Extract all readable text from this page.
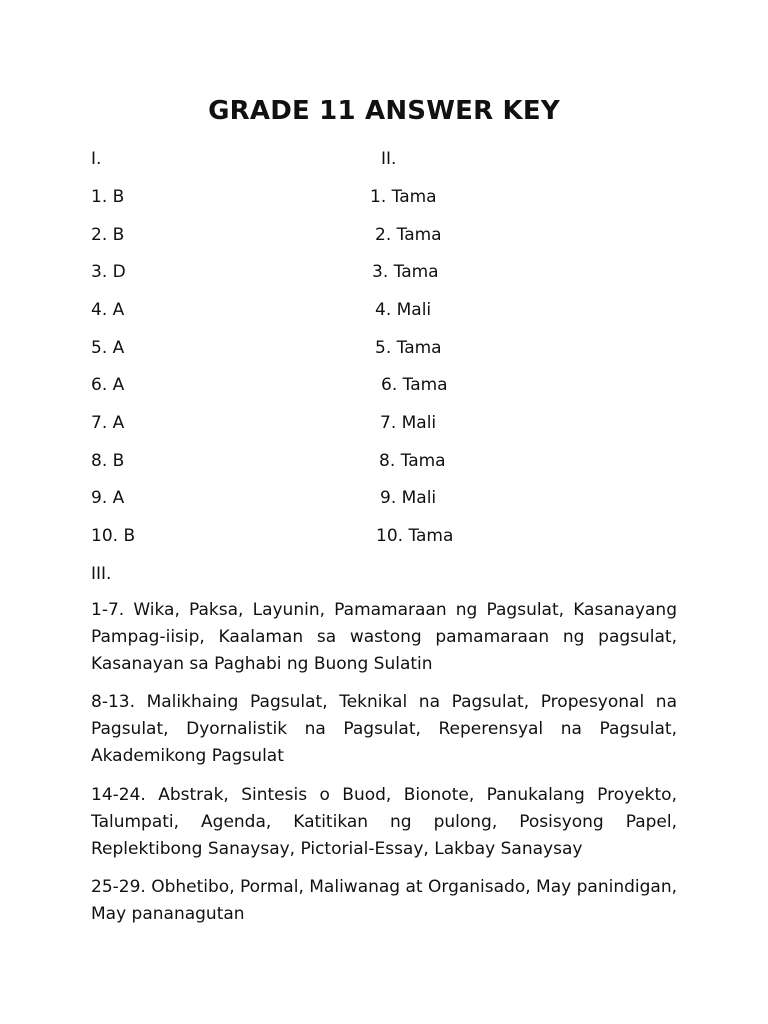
GRADE 11 ANSWER KEY
I.	II.
1. B
2. B
3. D
4. A
5. A
6. A
7. A
8. B
9. A
10. B
1. Tama
2. Tama
3. Tama
4. Mali
5. Tama
6. Tama
7. Mali
8. Tama
9. Mali
10. Tama
III.
1-7. Wika, Paksa, Layunin, Pamamaraan ng Pagsulat, Kasanayang Pampag-iisip, Kaalaman sa wastong pamamaraan ng pagsulat, Kasanayan sa Paghabi ng Buong Sulatin
8-13. Malikhaing Pagsulat, Teknikal na Pagsulat, Propesyonal na Pagsulat, Dyornalistik na Pagsulat, Reperensyal na Pagsulat, Akademikong Pagsulat
14-24. Abstrak, Sintesis o Buod, Bionote, Panukalang Proyekto, Talumpati, Agenda, Katitikan ng pulong, Posisyong Papel, Replektibong Sanaysay, Pictorial-Essay, Lakbay Sanaysay
25-29. Obhetibo, Pormal, Maliwanag at Organisado, May panindigan, May pananagutan
